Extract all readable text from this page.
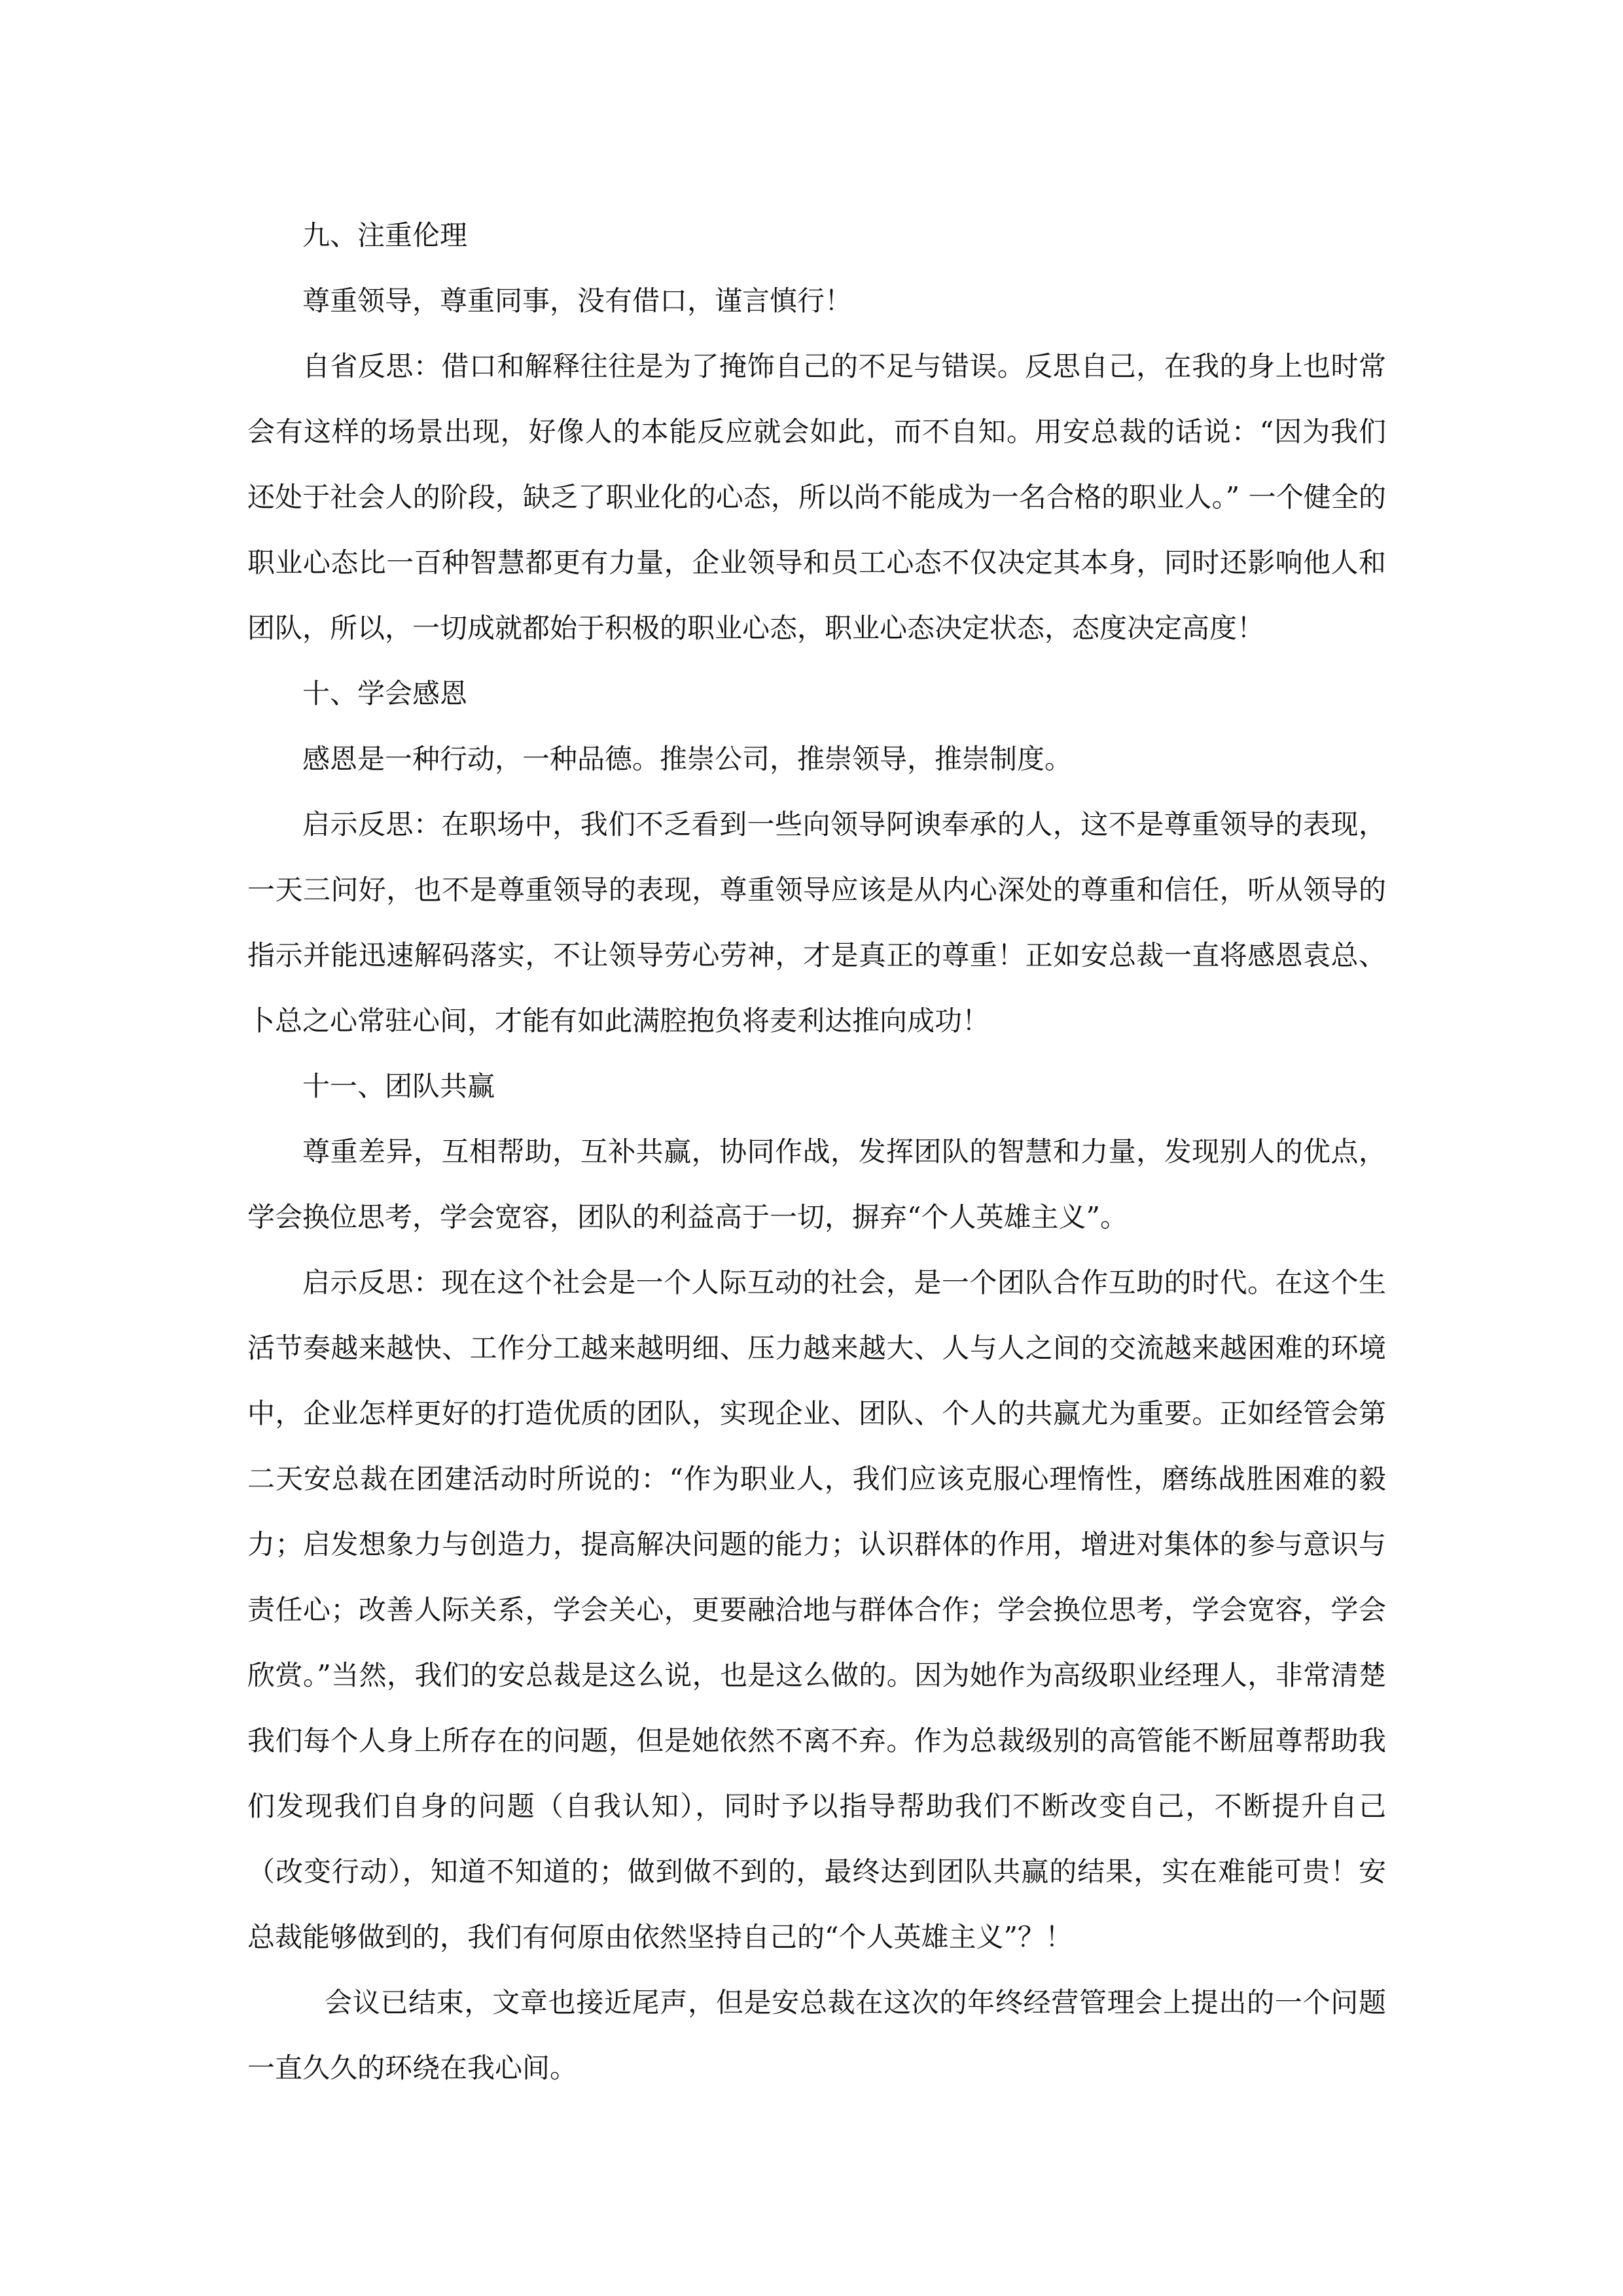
九、注重伦理

尊重领导，尊重同事，没有借口，谨言慎行！

自省反思：借口和解释往往是为了掩饰自己的不足与错误。反思自己，在我的身上也时常会有这样的场景出现，好像人的本能反应就会如此，而不自知。用安总裁的话说：“因为我们还处于社会人的阶段，缺乏了职业化的心态，所以尚不能成为一名合格的职业人。” 一个健全的职业心态比一百种智慧都更有力量，企业领导和员工心态不仅决定其本身，同时还影响他人和团队，所以，一切成就都始于积极的职业心态，职业心态决定状态，态度决定高度！

十、学会感恩

感恩是一种行动，一种品德。推崇公司，推崇领导，推崇制度。

启示反思：在职场中，我们不乏看到一些向领导阿谀奉承的人，这不是尊重领导的表现，一天三问好，也不是尊重领导的表现，尊重领导应该是从内心深处的尊重和信任，听从领导的指示并能迅速解码落实，不让领导劳心劳神，才是真正的尊重！正如安总裁一直将感恩袁总、卜总之心常驻心间，才能有如此满腔抱负将麦利达推向成功！

十一、团队共赢

尊重差异，互相帮助，互补共赢，协同作战，发挥团队的智慧和力量，发现别人的优点，学会换位思考，学会宽容，团队的利益高于一切，摒弃“个人英雄主义”。

启示反思：现在这个社会是一个人际互动的社会，是一个团队合作互助的时代。在这个生活节奏越来越快、工作分工越来越明细、压力越来越大、人与人之间的交流越来越困难的环境中，企业怎样更好的打造优质的团队，实现企业、团队、个人的共赢尤为重要。正如经管会第二天安总裁在团建活动时所说的：“作为职业人，我们应该克服心理惰性，磨练战胜困难的毅力；启发想象力与创造力，提高解决问题的能力；认识群体的作用，增进对集体的参与意识与责任心；改善人际关系，学会关心，更要融洽地与群体合作；学会换位思考，学会宽容，学会欣赏。”当然，我们的安总裁是这么说，也是这么做的。因为她作为高级职业经理人，非常清楚我们每个人身上所存在的问题，但是她依然不离不弃。作为总裁级别的高管能不断屈尊帮助我们发现我们自身的问题（自我认知），同时予以指导帮助我们不断改变自己，不断提升自己（改变行动），知道不知道的；做到做不到的，最终达到团队共赢的结果，实在难能可贵！安总裁能够做到的，我们有何原由依然坚持自己的“个人英雄主义”？！

会议已结束，文章也接近尾声，但是安总裁在这次的年终经营管理会上提出的一个问题一直久久的环绕在我心间。
